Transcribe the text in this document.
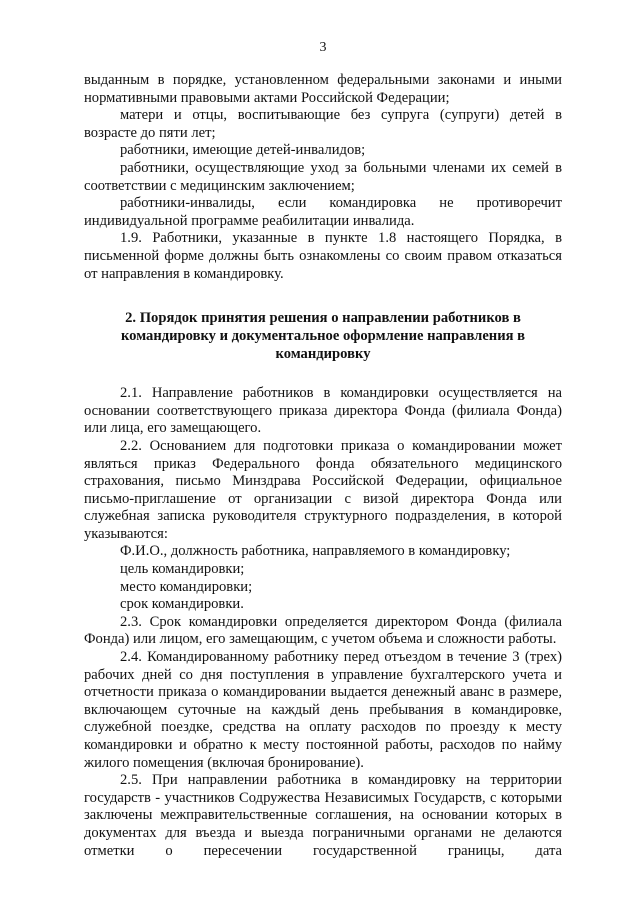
3

выданным в порядке, установленном федеральными законами и иными нормативными правовыми актами Российской Федерации;

матери и отцы, воспитывающие без супруга (супруги) детей в возрасте до пяти лет;

работники, имеющие детей-инвалидов;

работники, осуществляющие уход за больными членами их семей в соответствии с медицинским заключением;

работники-инвалиды, если командировка не противоречит индивидуальной программе реабилитации инвалида.

1.9. Работники, указанные в пункте 1.8 настоящего Порядка, в письменной форме должны быть ознакомлены со своим правом отказаться от направления в командировку.

2. Порядок принятия решения о направлении работников в командировку и документальное оформление направления в командировку

2.1. Направление работников в командировки осуществляется на основании соответствующего приказа директора Фонда (филиала Фонда) или лица, его замещающего.

2.2. Основанием для подготовки приказа о командировании может являться приказ Федерального фонда обязательного медицинского страхования, письмо Минздрава Российской Федерации, официальное письмо-приглашение от организации с визой директора Фонда или служебная записка руководителя структурного подразделения, в которой указываются:

Ф.И.О., должность работника, направляемого в командировку;

цель командировки;

место командировки;

срок командировки.

2.3. Срок командировки определяется директором Фонда (филиала Фонда) или лицом, его замещающим, с учетом объема и сложности работы.

2.4. Командированному работнику перед отъездом в течение 3 (трех) рабочих дней со дня поступления в управление бухгалтерского учета и отчетности приказа о командировании выдается денежный аванс в размере, включающем суточные на каждый день пребывания в командировке, служебной поездке, средства на оплату расходов по проезду к месту командировки и обратно к месту постоянной работы, расходов по найму жилого помещения (включая бронирование).

2.5. При направлении работника в командировку на территории государств - участников Содружества Независимых Государств, с которыми заключены межправительственные соглашения, на основании которых в документах для въезда и выезда пограничными органами не делаются отметки о пересечении государственной границы, дата
